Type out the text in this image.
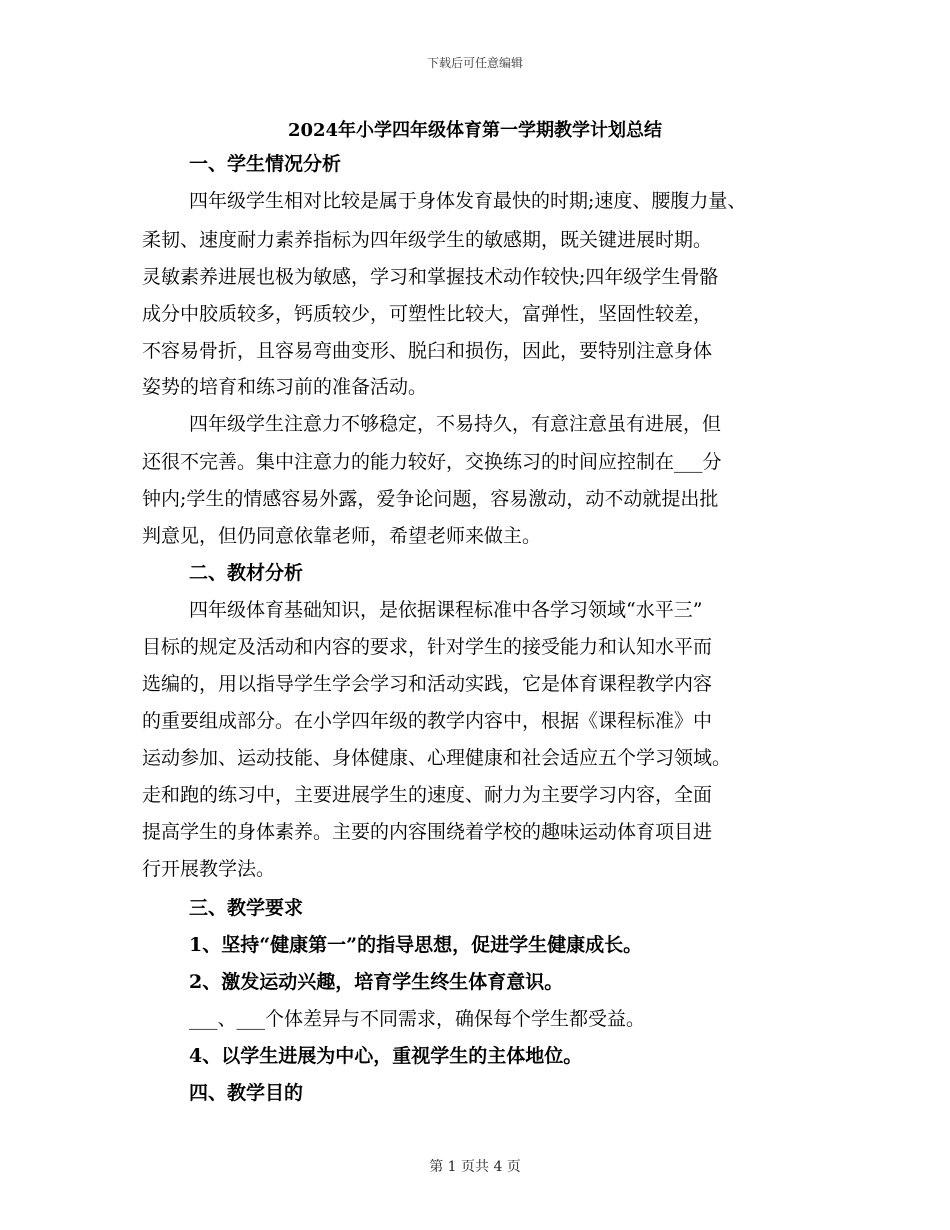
下载后可任意编辑
2024年小学四年级体育第一学期教学计划总结
一、学生情况分析
四年级学生相对比较是属于身体发育最快的时期;速度、腰腹力量、
柔韧、速度耐力素养指标为四年级学生的敏感期，既关键进展时期。
灵敏素养进展也极为敏感，学习和掌握技术动作较快;四年级学生骨骼
成分中胶质较多，钙质较少，可塑性比较大，富弹性，坚固性较差，
不容易骨折，且容易弯曲变形、脱臼和损伤，因此，要特别注意身体
姿势的培育和练习前的准备活动。
四年级学生注意力不够稳定，不易持久，有意注意虽有进展，但
还很不完善。集中注意力的能力较好，交换练习的时间应控制在___分
钟内;学生的情感容易外露，爱争论问题，容易激动，动不动就提出批
判意见，但仍同意依靠老师，希望老师来做主。
二、教材分析
四年级体育基础知识，是依据课程标准中各学习领域“水平三”
目标的规定及活动和内容的要求，针对学生的接受能力和认知水平而
选编的，用以指导学生学会学习和活动实践，它是体育课程教学内容
的重要组成部分。在小学四年级的教学内容中，根据《课程标准》中
运动参加、运动技能、身体健康、心理健康和社会适应五个学习领域。
走和跑的练习中，主要进展学生的速度、耐力为主要学习内容，全面
提高学生的身体素养。主要的内容围绕着学校的趣味运动体育项目进
行开展教学法。
三、教学要求
1、坚持“健康第一”的指导思想，促进学生健康成长。
2、激发运动兴趣，培育学生终生体育意识。
___、___个体差异与不同需求，确保每个学生都受益。
4、以学生进展为中心，重视学生的主体地位。
四、教学目的
第 1 页共 4 页
